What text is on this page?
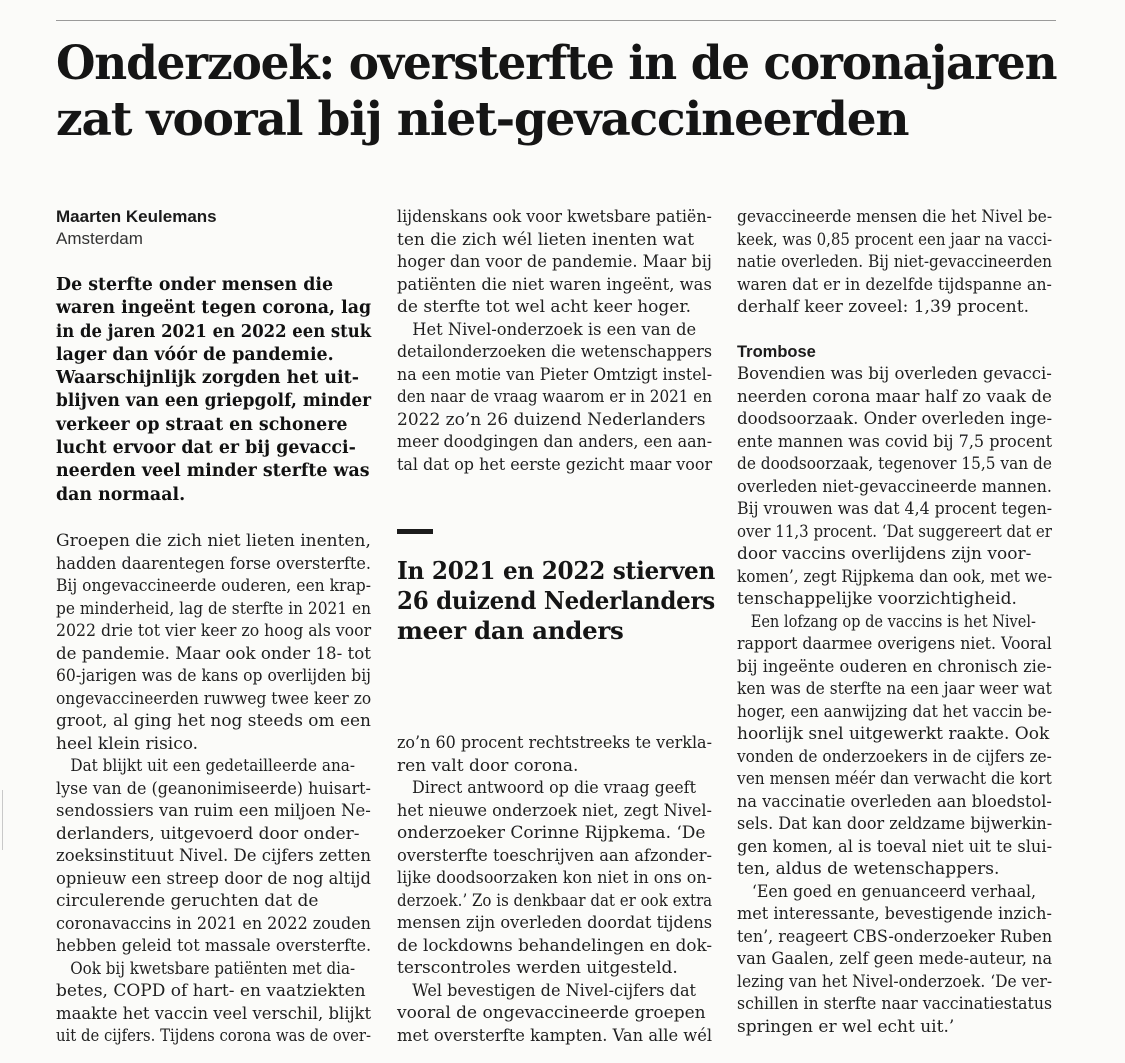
Onderzoek: oversterfte in de coronajaren
zat vooral bij niet-gevaccineerden
Maarten Keulemans
Amsterdam
De sterfte onder mensen die
waren ingeënt tegen corona, lag
in de jaren 2021 en 2022 een stuk
lager dan vóór de pandemie.
Waarschijnlijk zorgden het uit-
blijven van een griepgolf, minder
verkeer op straat en schonere
lucht ervoor dat er bij gevacci-
neerden veel minder sterfte was
dan normaal.
Groepen die zich niet lieten inenten,
hadden daarentegen forse oversterfte.
Bij ongevaccineerde ouderen, een krap-
pe minderheid, lag de sterfte in 2021 en
2022 drie tot vier keer zo hoog als voor
de pandemie. Maar ook onder 18- tot
60-jarigen was de kans op overlijden bij
ongevaccineerden ruwweg twee keer zo
groot, al ging het nog steeds om een
heel klein risico.
Dat blijkt uit een gedetailleerde ana-
lyse van de (geanonimiseerde) huisart-
sendossiers van ruim een miljoen Ne-
derlanders, uitgevoerd door onder-
zoeksinstituut Nivel. De cijfers zetten
opnieuw een streep door de nog altijd
circulerende geruchten dat de
coronavaccins in 2021 en 2022 zouden
hebben geleid tot massale oversterfte.
Ook bij kwetsbare patiënten met dia-
betes, COPD of hart- en vaatziekten
maakte het vaccin veel verschil, blijkt
uit de cijfers. Tijdens corona was de over-
lijdenskans ook voor kwetsbare patiën-
ten die zich wél lieten inenten wat
hoger dan voor de pandemie. Maar bij
patiënten die niet waren ingeënt, was
de sterfte tot wel acht keer hoger.
Het Nivel-onderzoek is een van de
detailonderzoeken die wetenschappers
na een motie van Pieter Omtzigt instel-
den naar de vraag waarom er in 2021 en
2022 zo’n 26 duizend Nederlanders
meer doodgingen dan anders, een aan-
tal dat op het eerste gezicht maar voor
In 2021 en 2022 stierven
26 duizend Nederlanders
meer dan anders
zo’n 60 procent rechtstreeks te verkla-
ren valt door corona.
Direct antwoord op die vraag geeft
het nieuwe onderzoek niet, zegt Nivel-
onderzoeker Corinne Rijpkema. ‘De
oversterfte toeschrijven aan afzonder-
lijke doodsoorzaken kon niet in ons on-
derzoek.’ Zo is denkbaar dat er ook extra
mensen zijn overleden doordat tijdens
de lockdowns behandelingen en dok-
terscontroles werden uitgesteld.
Wel bevestigen de Nivel-cijfers dat
vooral de ongevaccineerde groepen
met oversterfte kampten. Van alle wél
gevaccineerde mensen die het Nivel be-
keek, was 0,85 procent een jaar na vacci-
natie overleden. Bij niet-gevaccineerden
waren dat er in dezelfde tijdspanne an-
derhalf keer zoveel: 1,39 procent.
Trombose
Bovendien was bij overleden gevacci-
neerden corona maar half zo vaak de
doodsoorzaak. Onder overleden inge-
ente mannen was covid bij 7,5 procent
de doodsoorzaak, tegenover 15,5 van de
overleden niet-gevaccineerde mannen.
Bij vrouwen was dat 4,4 procent tegen-
over 11,3 procent. ‘Dat suggereert dat er
door vaccins overlijdens zijn voor-
komen’, zegt Rijpkema dan ook, met we-
tenschappelijke voorzichtigheid.
Een lofzang op de vaccins is het Nivel-
rapport daarmee overigens niet. Vooral
bij ingeënte ouderen en chronisch zie-
ken was de sterfte na een jaar weer wat
hoger, een aanwijzing dat het vaccin be-
hoorlijk snel uitgewerkt raakte. Ook
vonden de onderzoekers in de cijfers ze-
ven mensen méér dan verwacht die kort
na vaccinatie overleden aan bloedstol-
sels. Dat kan door zeldzame bijwerkin-
gen komen, al is toeval niet uit te slui-
ten, aldus de wetenschappers.
‘Een goed en genuanceerd verhaal,
met interessante, bevestigende inzich-
ten’, reageert CBS-onderzoeker Ruben
van Gaalen, zelf geen mede-auteur, na
lezing van het Nivel-onderzoek. ‘De ver-
schillen in sterfte naar vaccinatiestatus
springen er wel echt uit.’
